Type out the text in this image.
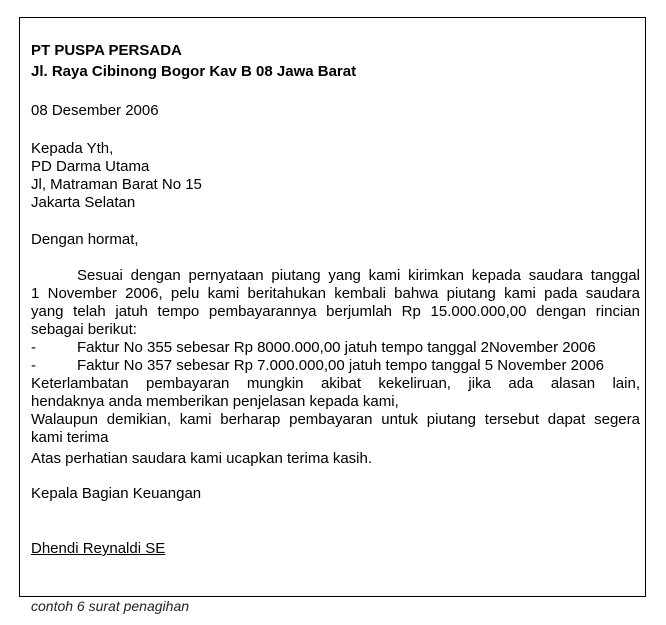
PT PUSPA PERSADA
Jl. Raya Cibinong Bogor Kav B 08 Jawa Barat
08 Desember 2006
Kepada Yth,
PD Darma Utama
Jl, Matraman Barat No 15
Jakarta Selatan
Dengan hormat,
Sesuai dengan pernyataan piutang yang kami kirimkan kepada saudara tanggal
1 November 2006, pelu kami beritahukan kembali bahwa piutang kami pada saudara
yang telah jatuh tempo pembayarannya berjumlah Rp 15.000.000,00 dengan rincian
sebagai berikut:
-	Faktur No 355 sebesar Rp 8000.000,00 jatuh tempo tanggal 2November 2006
-	Faktur No 357 sebesar Rp 7.000.000,00 jatuh tempo tanggal 5 November 2006
Keterlambatan pembayaran mungkin akibat kekeliruan, jika ada alasan lain,
hendaknya anda memberikan penjelasan kepada kami,
Walaupun demikian, kami berharap pembayaran untuk piutang tersebut dapat segera
kami terima
Atas perhatian saudara kami ucapkan terima kasih.
Kepala Bagian Keuangan
Dhendi Reynaldi SE
contoh 6 surat penagihan
